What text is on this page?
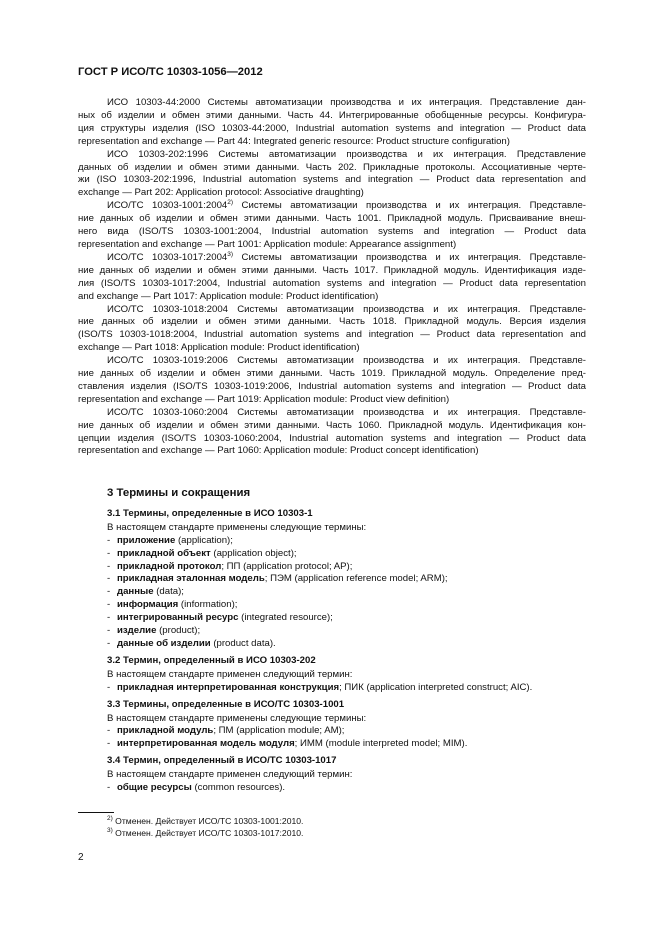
ГОСТ Р ИСО/ТС 10303-1056—2012
ИСО 10303-44:2000 Системы автоматизации производства и их интеграция. Представление дан-
ных об изделии и обмен этими данными. Часть 44. Интегрированные обобщенные ресурсы. Конфигура-
ция структуры изделия (ISO 10303-44:2000, Industrial automation systems and integration — Product data
representation and exchange — Part 44: Integrated generic resource: Product structure configuration)
ИСО 10303-202:1996 Системы автоматизации производства и их интеграция. Представление
данных об изделии и обмен этими данными. Часть 202. Прикладные протоколы. Ассоциативные черте-
жи (ISO 10303-202:1996, Industrial automation systems and integration — Product data representation and
exchange — Part 202: Application protocol: Associative draughting)
ИСО/ТС 10303-1001:2004$^{2)}$ Системы автоматизации производства и их интеграция. Представле-
ние данных об изделии и обмен этими данными. Часть 1001. Прикладной модуль. Присваивание внеш-
него вида (ISO/TS 10303-1001:2004, Industrial automation systems and integration — Product data
representation and exchange — Part 1001: Application module: Appearance assignment)
ИСО/ТС 10303-1017:2004$^{3)}$ Системы автоматизации производства и их интеграция. Представле-
ние данных об изделии и обмен этими данными. Часть 1017. Прикладной модуль. Идентификация изде-
лия (ISO/TS 10303-1017:2004, Industrial automation systems and integration — Product data representation
and exchange — Part 1017: Application module: Product identification)
ИСО/ТС 10303-1018:2004 Системы автоматизации производства и их интеграция. Представле-
ние данных об изделии и обмен этими данными. Часть 1018. Прикладной модуль. Версия изделия
(ISO/TS 10303-1018:2004, Industrial automation systems and integration — Product data representation and
exchange — Part 1018: Application module: Product identification)
ИСО/ТС 10303-1019:2006 Системы автоматизации производства и их интеграция. Представле-
ние данных об изделии и обмен этими данными. Часть 1019. Прикладной модуль. Определение пред-
ставления изделия (ISO/TS 10303-1019:2006, Industrial automation systems and integration — Product data
representation and exchange — Part 1019: Application module: Product view definition)
ИСО/ТС 10303-1060:2004 Системы автоматизации производства и их интеграция. Представле-
ние данных об изделии и обмен этими данными. Часть 1060. Прикладной модуль. Идентификация кон-
цепции изделия (ISO/TS 10303-1060:2004, Industrial automation systems and integration — Product data
representation and exchange — Part 1060: Application module: Product concept identification)
3 Термины и сокращения
3.1 Термины, определенные в ИСО 10303-1
В настоящем стандарте применены следующие термины:
- приложение (application);
- прикладной объект (application object);
- прикладной протокол; ПП (application protocol; AP);
- прикладная эталонная модель; ПЭМ (application reference model; ARM);
- данные (data);
- информация (information);
- интегрированный ресурс (integrated resource);
- изделие (product);
- данные об изделии (product data).
3.2 Термин, определенный в ИСО 10303-202
В настоящем стандарте применен следующий термин:
- прикладная интерпретированная конструкция; ПИК (application interpreted construct; AIC).
3.3 Термины, определенные в ИСО/ТС 10303-1001
В настоящем стандарте применены следующие термины:
- прикладной модуль; ПМ (application module; AM);
- интерпретированная модель модуля; ИММ (module interpreted model; MIM).
3.4 Термин, определенный в ИСО/ТС 10303-1017
В настоящем стандарте применен следующий термин:
- общие ресурсы (common resources).
$^{2)}$ Отменен. Действует ИСО/ТС 10303-1001:2010.
$^{3)}$ Отменен. Действует ИСО/ТС 10303-1017:2010.
2
